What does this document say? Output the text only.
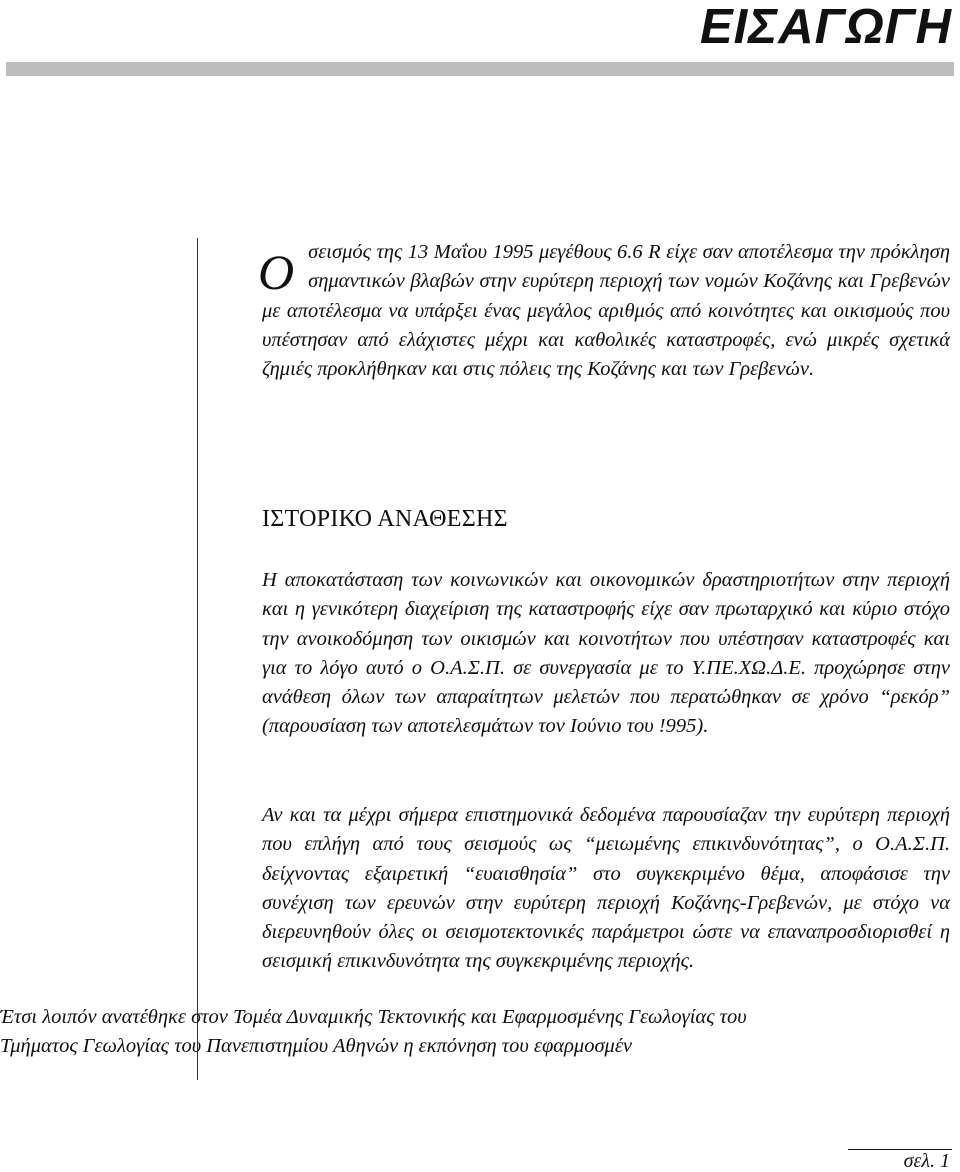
ΕΙΣΑΓΩΓΗ
Ο σεισμός της 13 Μαΐου 1995 μεγέθους 6.6 R είχε σαν αποτέλεσμα την πρόκληση σημαντικών βλαβών στην ευρύτερη περιοχή των νομών Κοζάνης και Γρεβενών με αποτέλεσμα να υπάρξει ένας μεγάλος αριθμός από κοινότητες και οικισμούς που υπέστησαν από ελάχιστες μέχρι και καθολικές καταστροφές, ενώ μικρές σχετικά ζημιές προκλήθηκαν και στις πόλεις της Κοζάνης και των Γρεβενών.
ΙΣΤΟΡΙΚΟ ΑΝΑΘΕΣΗΣ

Η αποκατάσταση των κοινωνικών και οικονομικών δραστηριοτήτων στην περιοχή και η γενικότερη διαχείριση της καταστροφής είχε σαν πρωταρχικό και κύριο στόχο την ανοικοδόμηση των οικισμών και κοινοτήτων που υπέστησαν καταστροφές και για το λόγο αυτό ο Ο.Α.Σ.Π. σε συνεργασία με το Υ.ΠΕ.ΧΩ.Δ.Ε. προχώρησε στην ανάθεση όλων των απαραίτητων μελετών που περατώθηκαν σε χρόνο “ρεκόρ” (παρουσίαση των αποτελεσμάτων τον Ιούνιο του !995).

Αν και τα μέχρι σήμερα επιστημονικά δεδομένα παρουσίαζαν την ευρύτερη περιοχή που επλήγη από τους σεισμούς ως “μειωμένης επικινδυνότητας”, ο Ο.Α.Σ.Π. δείχνοντας εξαιρετική “ευαισθησία” στο συγκεκριμένο θέμα, αποφάσισε την συνέχιση των ερευνών στην ευρύτερη περιοχή Κοζάνης-Γρεβενών, με στόχο να διερευνηθούν όλες οι σεισμοτεκτονικές παράμετροι ώστε να επαναπροσδιορισθεί η σεισμική επικινδυνότητα της συγκεκριμένης περιοχής.

Έτσι λοιπόν ανατέθηκε στον Τομέα Δυναμικής Τεκτονικής και Εφαρμοσμένης Γεωλογίας του
Τμήματος Γεωλογίας του Πανεπιστημίου Αθηνών η εκπόνηση του εφαρμοσμέν
σελ. 1
